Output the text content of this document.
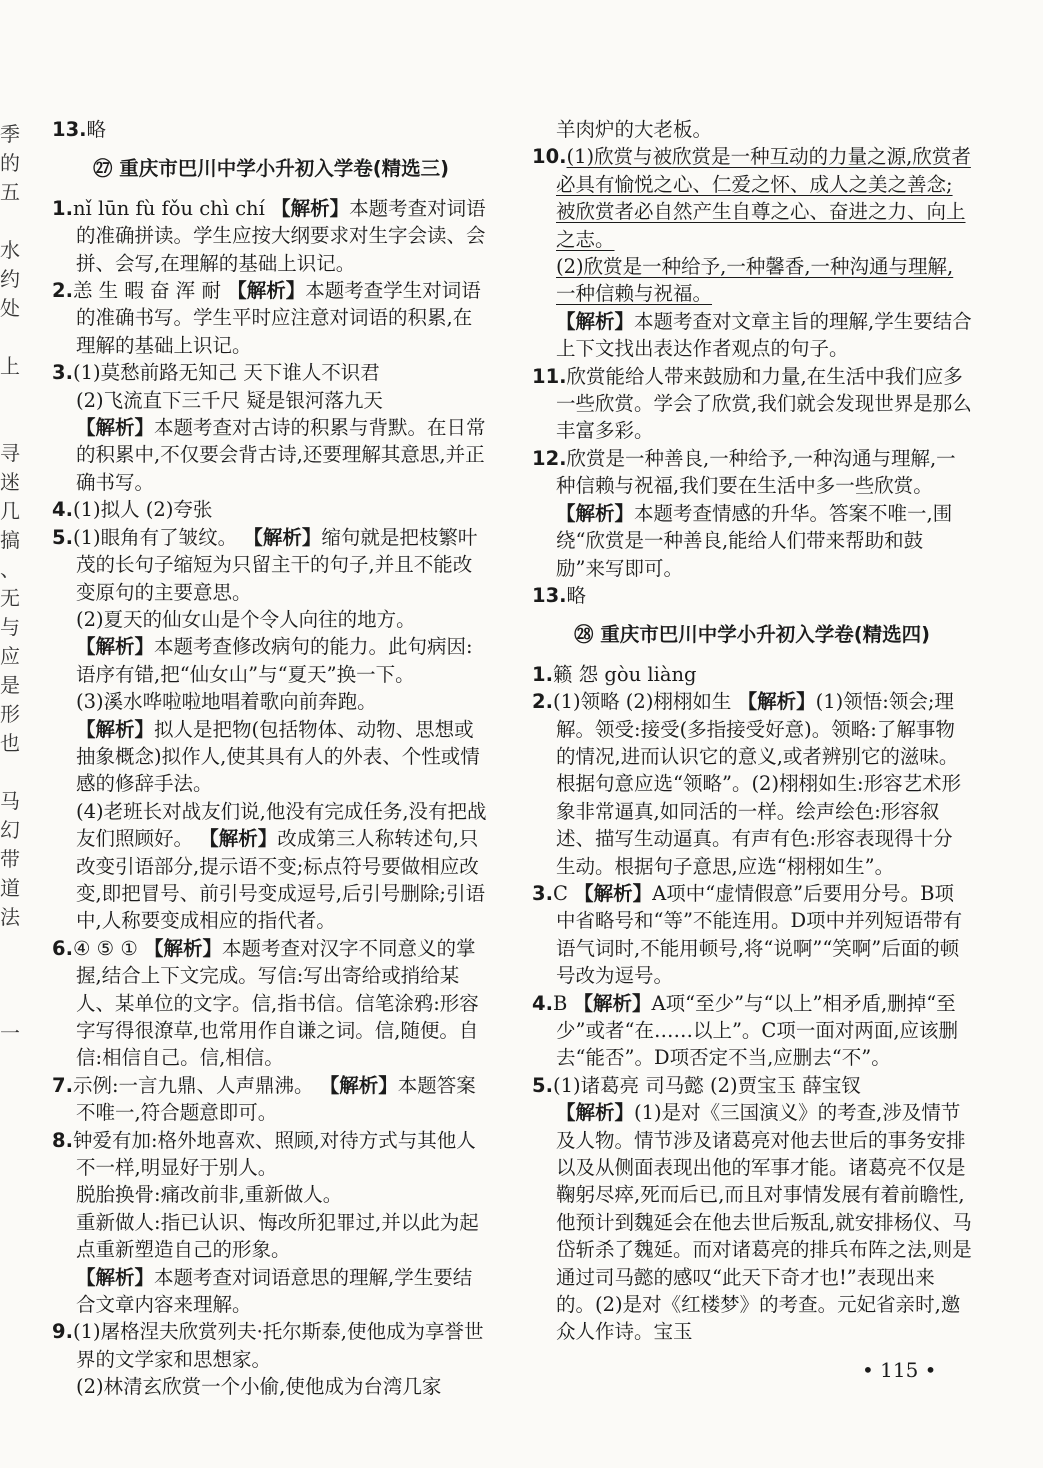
季
的
五
水
约
处
上
寻
迷
几
搞
、
无
与
应
是
形
也
马
幻
带
道
法
一
13.略
㉗ 重庆市巴川中学小升初入学卷(精选三)
1.nǐ lūn fù fǒu chì chí 【解析】本题考查对词语的准确拼读。学生应按大纲要求对生字会读、会拼、会写,在理解的基础上识记。
2.恙 生 暇 奋 浑 耐 【解析】本题考查学生对词语的准确书写。学生平时应注意对词语的积累,在理解的基础上识记。
3.(1)莫愁前路无知己 天下谁人不识君
(2)飞流直下三千尺 疑是银河落九天
【解析】本题考查对古诗的积累与背默。在日常的积累中,不仅要会背古诗,还要理解其意思,并正确书写。
4.(1)拟人 (2)夸张
5.(1)眼角有了皱纹。 【解析】缩句就是把枝繁叶茂的长句子缩短为只留主干的句子,并且不能改变原句的主要意思。
(2)夏天的仙女山是个令人向往的地方。
【解析】本题考查修改病句的能力。此句病因:语序有错,把“仙女山”与“夏天”换一下。
(3)溪水哗啦啦地唱着歌向前奔跑。
【解析】拟人是把物(包括物体、动物、思想或抽象概念)拟作人,使其具有人的外表、个性或情感的修辞手法。
(4)老班长对战友们说,他没有完成任务,没有把战友们照顾好。 【解析】改成第三人称转述句,只改变引语部分,提示语不变;标点符号要做相应改变,即把冒号、前引号变成逗号,后引号删除;引语中,人称要变成相应的指代者。
6.④ ⑤ ① 【解析】本题考查对汉字不同意义的掌握,结合上下文完成。写信:写出寄给或捎给某人、某单位的文字。信,指书信。信笔涂鸦:形容字写得很潦草,也常用作自谦之词。信,随便。自信:相信自己。信,相信。
7.示例:一言九鼎、人声鼎沸。 【解析】本题答案不唯一,符合题意即可。
8.钟爱有加:格外地喜欢、照顾,对待方式与其他人不一样,明显好于别人。
脱胎换骨:痛改前非,重新做人。
重新做人:指已认识、悔改所犯罪过,并以此为起点重新塑造自己的形象。
【解析】本题考查对词语意思的理解,学生要结合文章内容来理解。
9.(1)屠格涅夫欣赏列夫·托尔斯泰,使他成为享誉世界的文学家和思想家。
(2)林清玄欣赏一个小偷,使他成为台湾几家
羊肉炉的大老板。
10.(1)欣赏与被欣赏是一种互动的力量之源,欣赏者必具有愉悦之心、仁爱之怀、成人之美之善念;被欣赏者必自然产生自尊之心、奋进之力、向上之志。
(2)欣赏是一种给予,一种馨香,一种沟通与理解,一种信赖与祝福。
【解析】本题考查对文章主旨的理解,学生要结合上下文找出表达作者观点的句子。
11.欣赏能给人带来鼓励和力量,在生活中我们应多一些欣赏。学会了欣赏,我们就会发现世界是那么丰富多彩。
12.欣赏是一种善良,一种给予,一种沟通与理解,一种信赖与祝福,我们要在生活中多一些欣赏。 【解析】本题考查情感的升华。答案不唯一,围绕“欣赏是一种善良,能给人们带来帮助和鼓励”来写即可。
13.略
㉘ 重庆市巴川中学小升初入学卷(精选四)
1.籁 怨 gòu liàng
2.(1)领略 (2)栩栩如生 【解析】(1)领悟:领会;理解。领受:接受(多指接受好意)。领略:了解事物的情况,进而认识它的意义,或者辨别它的滋味。根据句意应选“领略”。(2)栩栩如生:形容艺术形象非常逼真,如同活的一样。绘声绘色:形容叙述、描写生动逼真。有声有色:形容表现得十分生动。根据句子意思,应选“栩栩如生”。
3.C 【解析】A项中“虚情假意”后要用分号。B项中省略号和“等”不能连用。D项中并列短语带有语气词时,不能用顿号,将“说啊”“笑啊”后面的顿号改为逗号。
4.B 【解析】A项“至少”与“以上”相矛盾,删掉“至少”或者“在……以上”。C项一面对两面,应该删去“能否”。D项否定不当,应删去“不”。
5.(1)诸葛亮 司马懿 (2)贾宝玉 薛宝钗
【解析】(1)是对《三国演义》的考查,涉及情节及人物。情节涉及诸葛亮对他去世后的事务安排以及从侧面表现出他的军事才能。诸葛亮不仅是鞠躬尽瘁,死而后已,而且对事情发展有着前瞻性,他预计到魏延会在他去世后叛乱,就安排杨仪、马岱斩杀了魏延。而对诸葛亮的排兵布阵之法,则是通过司马懿的感叹“此天下奇才也!”表现出来的。(2)是对《红楼梦》的考查。元妃省亲时,邀众人作诗。宝玉
• 115 •
